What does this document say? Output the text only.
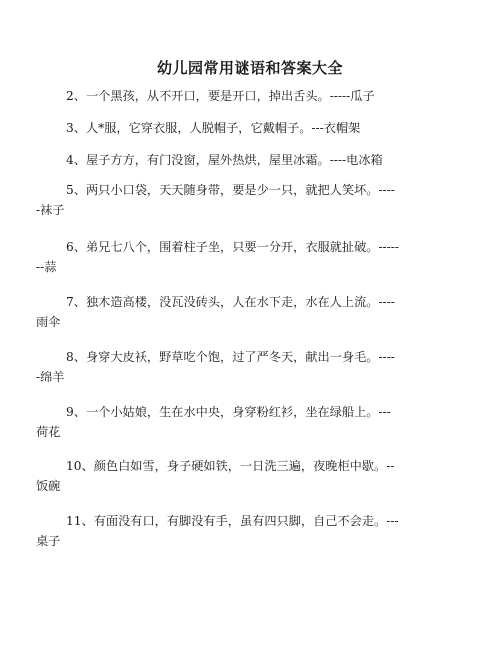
幼儿园常用谜语和答案大全
2、一个黑孩，从不开口，要是开口，掉出舌头。-----瓜子
3、人*服，它穿衣服，人脱帽子，它戴帽子。---衣帽架
4、屋子方方，有门没窗，屋外热烘，屋里冰霜。----电冰箱
5、两只小口袋，天天随身带，要是少一只，就把人笑坏。----
-袜子
6、弟兄七八个，围着柱子坐，只要一分开，衣服就扯破。-----
--蒜
7、独木造高楼，没瓦没砖头，人在水下走，水在人上流。----
雨伞
8、身穿大皮袄，野草吃个饱，过了严冬天，献出一身毛。----
-绵羊
9、一个小姑娘，生在水中央，身穿粉红衫，坐在绿船上。---
荷花
10、颜色白如雪，身子硬如铁，一日洗三遍，夜晚柜中歇。--
饭碗
11、有面没有口，有脚没有手，虽有四只脚，自己不会走。---
桌子
